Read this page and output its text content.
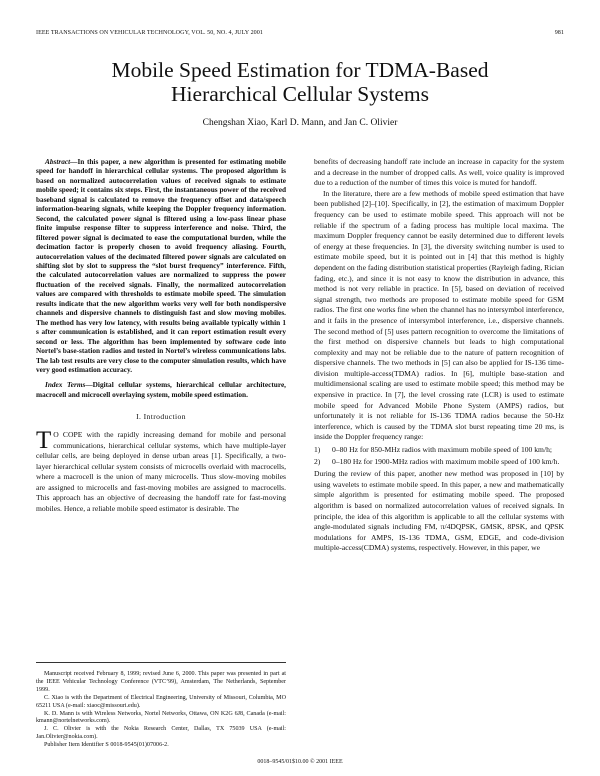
IEEE TRANSACTIONS ON VEHICULAR TECHNOLOGY, VOL. 50, NO. 4, JULY 2001	981
Mobile Speed Estimation for TDMA-Based
Hierarchical Cellular Systems
Chengshan Xiao, Karl D. Mann, and Jan C. Olivier

Abstract—In this paper, a new algorithm is presented for estimating mobile speed for handoff in hierarchical cellular systems. The proposed algorithm is based on normalized autocorrelation values of received signals to estimate mobile speed; it contains six steps. First, the instantaneous power of the received baseband signal is calculated to remove the frequency offset and data/speech information-bearing signals, while keeping the Doppler frequency information. Second, the calculated power signal is filtered using a low-pass linear phase finite impulse response filter to suppress interference and noise. Third, the filtered power signal is decimated to ease the computational burden, while the decimation factor is properly chosen to avoid frequency aliasing. Fourth, autocorrelation values of the decimated filtered power signals are calculated on shifting slot by slot to suppress the “slot burst frequency” interference. Fifth, the calculated autocorrelation values are normalized to suppress the power fluctuation of the received signals. Finally, the normalized autocorrelation values are compared with thresholds to estimate mobile speed. The simulation results indicate that the new algorithm works very well for both nondispersive channels and dispersive channels to distinguish fast and slow moving mobiles. The method has very low latency, with results being available typically within 1 s after communication is established, and it can report estimation result every second or less. The algorithm has been implemented by software code into Nortel’s base-station radios and tested in Nortel’s wireless communications labs. The lab test results are very close to the computer simulation results, which have very good estimation accuracy.

Index Terms—Digital cellular systems, hierarchical cellular architecture, macrocell and microcell overlaying system, mobile speed estimation.

I. Introduction

T O COPE with the rapidly increasing demand for mobile and personal communications, hierarchical cellular systems, which have multiple-layer cellular cells, are being deployed in dense urban areas [1]. Specifically, a two-layer hierarchical cellular system consists of microcells overlaid with macrocells, where a macrocell is the union of many microcells. Thus slow-moving mobiles are assigned to microcells and fast-moving mobiles are assigned to macrocells. This approach has an objective of decreasing the handoff rate for fast-moving mobiles. Hence, a reliable mobile speed estimator is desirable. The

Manuscript received February 8, 1999; revised June 6, 2000. This paper was presented in part at the IEEE Vehicular Technology Conference (VTC’99), Amsterdam, The Netherlands, September 1999.

C. Xiao is with the Department of Electrical Engineering, University of Missouri, Columbia, MO 65211 USA (e-mail: xiaoc@missouri.edu).

K. D. Mann is with Wireless Networks, Nortel Networks, Ottawa, ON K2G 6J8, Canada (e-mail: kmann@nortelnetworks.com).

J. C. Olivier is with the Nokia Research Center, Dallas, TX 75039 USA (e-mail: Jan.Olivier@nokia.com).

Publisher Item Identifier S 0018-9545(01)07006-2.

benefits of decreasing handoff rate include an increase in capacity for the system and a decrease in the number of dropped calls. As well, voice quality is improved due to a reduction of the number of times this voice is muted for handoff.

In the literature, there are a few methods of mobile speed estimation that have been published [2]–[10]. Specifically, in [2], the estimation of maximum Doppler frequency can be used to estimate mobile speed. This approach will not be reliable if the spectrum of a fading process has multiple local maxima. The maximum Doppler frequency cannot be easily determined due to different levels of energy at these frequencies. In [3], the diversity switching number is used to estimate mobile speed, but it is pointed out in [4] that this method is highly dependent on the fading distribution statistical properties (Rayleigh fading, Rician fading, etc.), and since it is not easy to know the distribution in advance, this method is not very reliable in practice. In [5], based on deviation of received signal strength, two methods are proposed to estimate mobile speed for GSM radios. The first one works fine when the channel has no intersymbol interference, and it fails in the presence of intersymbol interference, i.e., dispersive channels. The second method of [5] uses pattern recognition to overcome the limitations of the first method on dispersive channels but leads to high computational complexity and may not be reliable due to the nature of pattern recognition of dispersive channels. The two methods in [5] can also be applied for IS-136 time-division multiple-access(TDMA) radios. In [6], multiple base-station and multidimensional scaling are used to estimate mobile speed; this method may be expensive in practice. In [7], the level crossing rate (LCR) is used to estimate mobile speed for Advanced Mobile Phone System (AMPS) radios, but unfortunately it is not reliable for IS-136 TDMA radios because the 50-Hz interference, which is caused by the TDMA slot burst repeating time 20 ms, is inside the Doppler frequency range:

1)	0–80 Hz for 850-MHz radios with maximum mobile speed of 100 km/h;
2)	0–180 Hz for 1900-MHz radios with maximum mobile speed of 100 km/h.

During the review of this paper, another new method was proposed in [10] by using wavelets to estimate mobile speed. In this paper, a new and mathematically simple algorithm is presented for estimating mobile speed. The proposed algorithm is based on normalized autocorrelation values of received signals. In principle, the idea of this algorithm is applicable to all the cellular systems with angle-modulated signals including FM, π/4DQPSK, GMSK, 8PSK, and QPSK modulations for AMPS, IS-136 TDMA, GSM, EDGE, and code-division multiple-access(CDMA) systems, respectively. However, in this paper, we

0018–9545/01$10.00 © 2001 IEEE
